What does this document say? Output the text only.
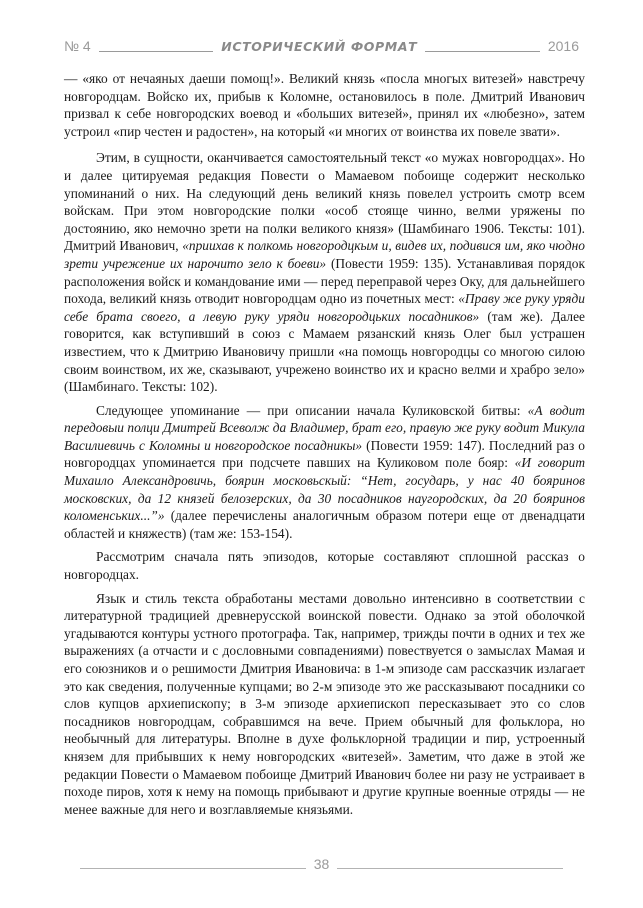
№ 4	ИСТОРИЧЕСКИЙ ФОРМАТ	2016

— «яко от нечаяных даеши помощ!». Великий князь «посла многых витезей» навстречу новгородцам. Войско их, прибыв к Коломне, остановилось в поле. Дмитрий Иванович призвал к себе новгородских воевод и «больших витезей», принял их «любезно», затем устроил «пир честен и радостен», на который «и многих от воинства их повеле звати».

Этим, в сущности, оканчивается самостоятельный текст «о мужах новгородцах». Но и далее цитируемая редакция Повести о Мамаевом побоище содержит несколько упоминаний о них. На следующий день великий князь повелел устроить смотр всем войскам. При этом новгородские полки «особ стояще чинно, велми уряжены по достоянию, яко немочно зрети на полки великого князя» (Шамбинаго 1906. Тексты: 101). Дмитрий Иванович, «приихав к полкомь новгородцкым и, видев их, подивися им, яко чюдно зрети учрежение их нарочито зело к боеви» (Повести 1959: 135). Устанавливая порядок расположения войск и командование ими — перед переправой через Оку, для дальнейшего похода, великий князь отводит новгородцам одно из почетных мест: «Праву же руку уряди себе брата своего, а левую руку уряди новгородцьких посадников» (там же). Далее говорится, как вступивший в союз с Мамаем рязанский князь Олег был устрашен известием, что к Дмитрию Ивановичу пришли «на помощь новгородцы со многою силою своим воинством, их же, сказывают, учрежено воинство их и красно велми и храбро зело» (Шамбинаго. Тексты: 102).

Следующее упоминание — при описании начала Куликовской битвы: «А водит передовыи полци Дмитрей Всеволж да Владимер, брат его, правую же руку водит Микула Василиевичь с Коломны и новгородское посадникы» (Повести 1959: 147). Последний раз о новгородцах упоминается при подсчете павших на Куликовом поле бояр: «И говорит Михаило Александровичь, боярин московьскый: “Нет, государь, у нас 40 бояринов московских, да 12 князей белозерских, да 30 посадников наугородских, да 20 бояринов коломенських...”» (далее перечислены аналогичным образом потери еще от двенадцати областей и княжеств) (там же: 153-154).

Рассмотрим сначала пять эпизодов, которые составляют сплошной рассказ о новгородцах.

Язык и стиль текста обработаны местами довольно интенсивно в соответствии с литературной традицией древнерусской воинской повести. Однако за этой оболочкой угадываются контуры устного протографа. Так, например, трижды почти в одних и тех же выражениях (а отчасти и с дословными совпадениями) повествуется о замыслах Мамая и его союзников и о решимости Дмитрия Ивановича: в 1-м эпизоде сам рассказчик излагает это как сведения, полученные купцами; во 2-м эпизоде это же рассказывают посадники со слов купцов архиепископу; в 3-м эпизоде архиепископ пересказывает это со слов посадников новгородцам, собравшимся на вече. Прием обычный для фольклора, но необычный для литературы. Вполне в духе фольклорной традиции и пир, устроенный князем для прибывших к нему новгородских «витезей». Заметим, что даже в этой же редакции Повести о Мамаевом побоище Дмитрий Иванович более ни разу не устраивает в походе пиров, хотя к нему на помощь прибывают и другие крупные военные отряды — не менее важные для него и возглавляемые князьями.

38
